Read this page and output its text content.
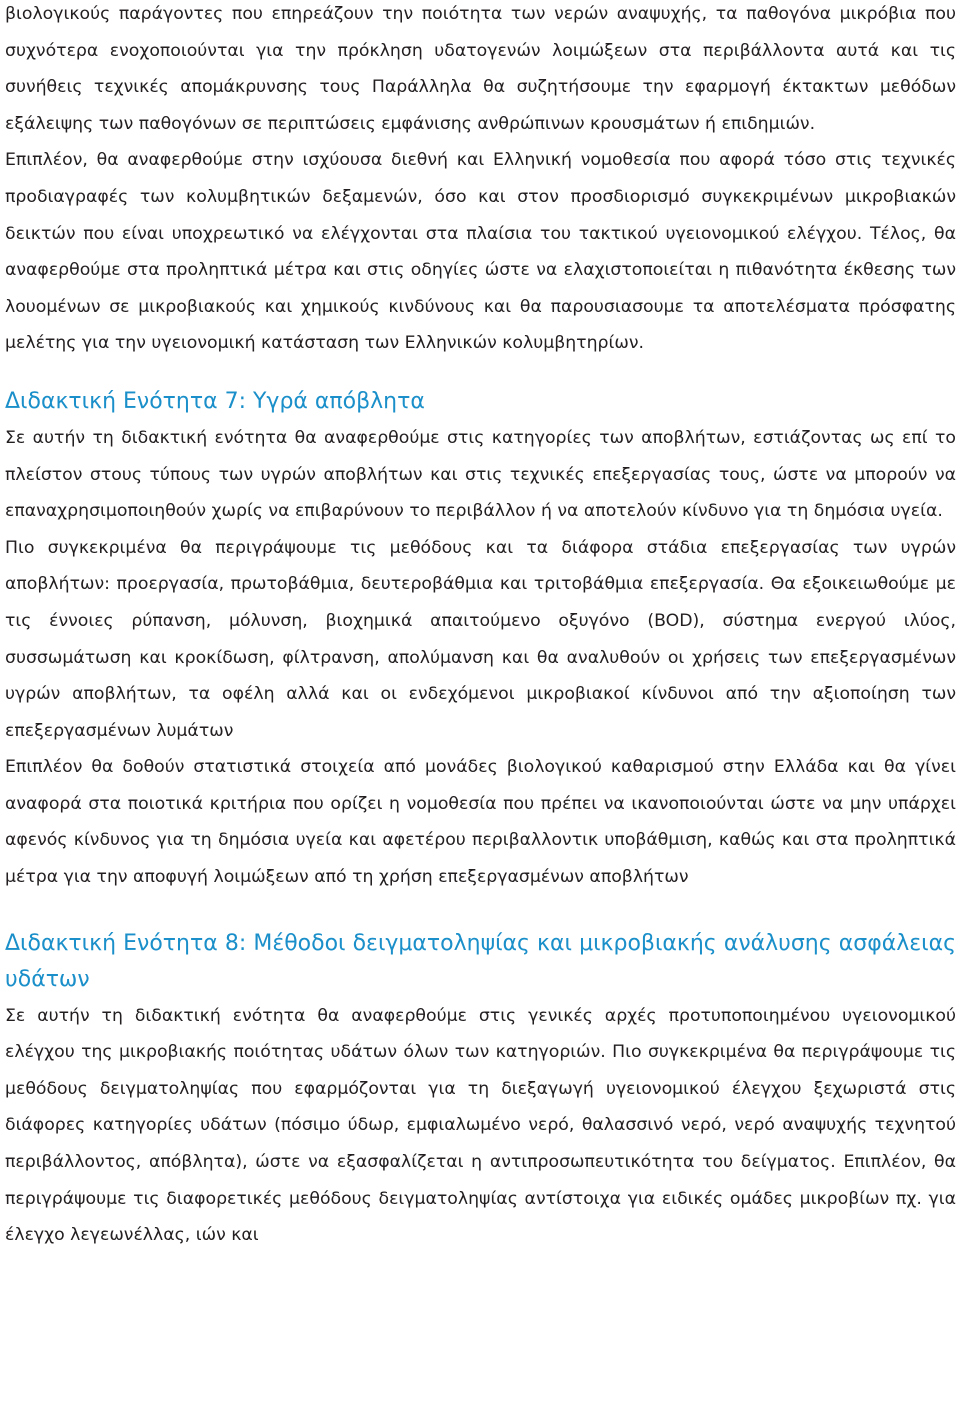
βιολογικούς παράγοντες που επηρεάζουν την ποιότητα των νερών αναψυχής, τα παθογόνα μικρόβια που συχνότερα ενοχοποιούνται για την πρόκληση υδατογενών λοιμώξεων στα περιβάλλοντα αυτά και τις συνήθεις τεχνικές απομάκρυνσης τους Παράλληλα θα συζητήσουμε την εφαρμογή έκτακτων μεθόδων εξάλειψης των παθογόνων σε περιπτώσεις εμφάνισης ανθρώπινων κρουσμάτων ή επιδημιών.

Επιπλέον, θα αναφερθούμε στην ισχύουσα διεθνή και Ελληνική νομοθεσία που αφορά τόσο στις τεχνικές προδιαγραφές των κολυμβητικών δεξαμενών, όσο και στον προσδιορισμό συγκεκριμένων μικροβιακών δεικτών που είναι υποχρεωτικό να ελέγχονται στα πλαίσια του τακτικού υγειονομικού ελέγχου. Τέλος, θα αναφερθούμε στα προληπτικά μέτρα και στις οδηγίες ώστε να ελαχιστοποιείται η πιθανότητα έκθεσης των λουομένων σε μικροβιακούς και χημικούς κινδύνους και θα παρουσιασουμε τα αποτελέσματα πρόσφατης μελέτης για την υγειονομική κατάσταση των Ελληνικών κολυμβητηρίων.

Διδακτική Ενότητα 7: Υγρά απόβλητα

Σε αυτήν τη διδακτική ενότητα θα αναφερθούμε στις κατηγορίες των αποβλήτων, εστιάζοντας ως επί το πλείστον στους τύπους των υγρών αποβλήτων και στις τεχνικές επεξεργασίας τους, ώστε να μπορούν να επαναχρησιμοποιηθούν χωρίς να επιβαρύνουν το περιβάλλον ή να αποτελούν κίνδυνο για τη δημόσια υγεία.

Πιο συγκεκριμένα θα περιγράψουμε τις μεθόδους και τα διάφορα στάδια επεξεργασίας των υγρών αποβλήτων: προεργασία, πρωτοβάθμια, δευτεροβάθμια και τριτοβάθμια επεξεργασία. Θα εξοικειωθούμε με τις έννοιες ρύπανση, μόλυνση, βιοχημικά απαιτούμενο οξυγόνο (BOD), σύστημα ενεργού ιλύος, συσσωμάτωση και κροκίδωση, φίλτρανση, απολύμανση και θα αναλυθούν οι χρήσεις των επεξεργασμένων υγρών αποβλήτων, τα οφέλη αλλά και οι ενδεχόμενοι μικροβιακοί κίνδυνοι από την αξιοποίηση των επεξεργασμένων λυμάτων

Επιπλέον θα δοθούν στατιστικά στοιχεία από μονάδες βιολογικού καθαρισμού στην Ελλάδα και θα γίνει αναφορά στα ποιοτικά κριτήρια που ορίζει η νομοθεσία που πρέπει να ικανοποιούνται ώστε να μην υπάρχει αφενός κίνδυνος για τη δημόσια υγεία και αφετέρου περιβαλλοντικ υποβάθμιση, καθώς και στα προληπτικά μέτρα για την αποφυγή λοιμώξεων από τη χρήση επεξεργασμένων αποβλήτων

Διδακτική Ενότητα 8: Μέθοδοι δειγματοληψίας και μικροβιακής ανάλυσης ασφάλειας υδάτων

Σε αυτήν τη διδακτική ενότητα θα αναφερθούμε στις γενικές αρχές προτυποποιημένου υγειονομικού ελέγχου της μικροβιακής ποιότητας υδάτων όλων των κατηγοριών. Πιο συγκεκριμένα θα περιγράψουμε τις μεθόδους δειγματοληψίας που εφαρμόζονται για τη διεξαγωγή υγειονομικού έλεγχου ξεχωριστά στις διάφορες κατηγορίες υδάτων (πόσιμο ύδωρ, εμφιαλωμένο νερό, θαλασσινό νερό, νερό αναψυχής τεχνητού περιβάλλοντος, απόβλητα), ώστε να εξασφαλίζεται η αντιπροσωπευτικότητα του δείγματος. Επιπλέον, θα περιγράψουμε τις διαφορετικές μεθόδους δειγματοληψίας αντίστοιχα για ειδικές ομάδες μικροβίων πχ. για έλεγχο λεγεωνέλλας, ιών και
